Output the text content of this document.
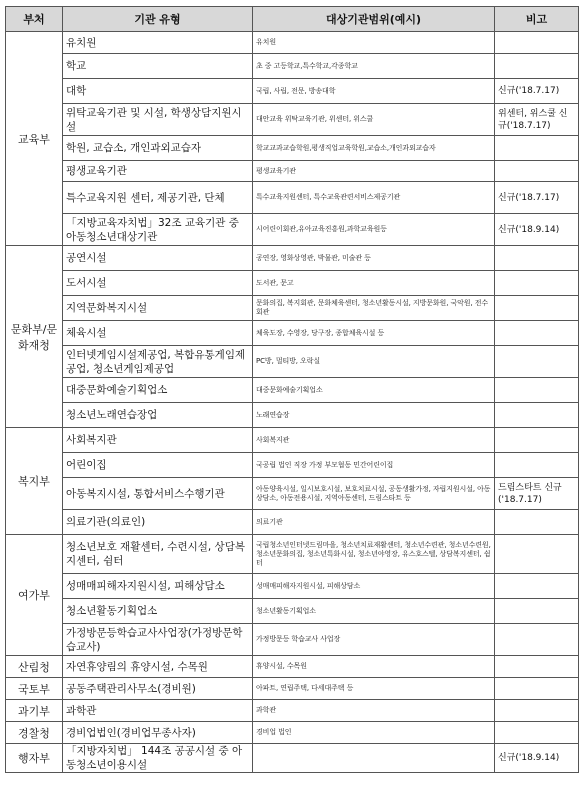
부처	기관 유형	대상기관범위(예시)	비고
교육부	유치원	유치원	
	학교	초 중 고등학교,특수학교,각종학교	
	대학	국립, 사립, 전문, 방송대학	신규('18.7.17)
	위탁교육기관 및 시설, 학생상담지원시설	대안교육 위탁교육기관, 위센터, 위스쿨	위센터, 위스쿨 신규('18.7.17)
	학원, 교습소, 개인과외교습자	학교교과교습학원,평생직업교육학원,교습소,개인과외교습자	
	평생교육기관	평생교육기관	
	특수교육지원 센터, 제공기관, 단체	특수교육지원센터, 특수교육관련서비스제공기관	신규('18.7.17)
	「지방교육자치법」32조 교육기관 중 아동청소년대상기관	시어린이회관,유아교육진흥원,과학교육원등	신규('18.9.14)
문화부/문화재청	공연시설	공연장, 영화상영관, 박물관, 미술관 등	
	도서시설	도서관, 문고	
	지역문화복지시설	문화의집, 복지회관, 문화체육센터, 청소년활동시설, 지방문화원, 국악원, 전수회관	
	체육시설	체육도장, 수영장, 당구장, 종합체육시설 등	
	인터넷게임시설제공업, 복합유통게임제공업, 청소년게임제공업	PC방, 멀티방, 오락실	
	대중문화예술기획업소	대중문화예술기획업소	
	청소년노래연습장업	노래연습장	
복지부	사회복지관	사회복지관	
	어린이집	국공립 법인 직장 가정 부모협동 민간어린이집	
	아동복지시설, 통합서비스수행기관	아동양육시설, 일시보호시설, 보호치료시설, 공동생활가정, 자립지원시설, 아동상담소, 아동전용시설, 지역아동센터, 드림스타트 등	드림스타트 신규 ('18.7.17)
	의료기관(의료인)	의료기관	
여가부	청소년보호 재활센터, 수련시설, 상담복지센터, 쉼터	국립청소년인터넷드림마을, 청소년치료재활센터, 청소년수련관, 청소년수련원, 청소년문화의집, 청소년특화시설, 청소년야영장, 유스호스텔, 상담복지센터, 쉼터	
	성매매피해자지원시설, 피해상담소	성매매피해자지원시설, 피해상담소	
	청소년활동기획업소	청소년활동기획업소	
	가정방문등학습교사사업장(가정방문학습교사)	가정방문등 학습교사 사업장	
산림청	자연휴양림의 휴양시설, 수목원	휴양시설, 수목원	
국토부	공동주택관리사무소(경비원)	아파트, 연립주택, 다세대주택 등	
과기부	과학관	과학관	
경찰청	경비업법인(경비업무종사자)	경비업 법인	
행자부	「지방자치법」 144조 공공시설 중 아동청소년이용시설		신규('18.9.14)
